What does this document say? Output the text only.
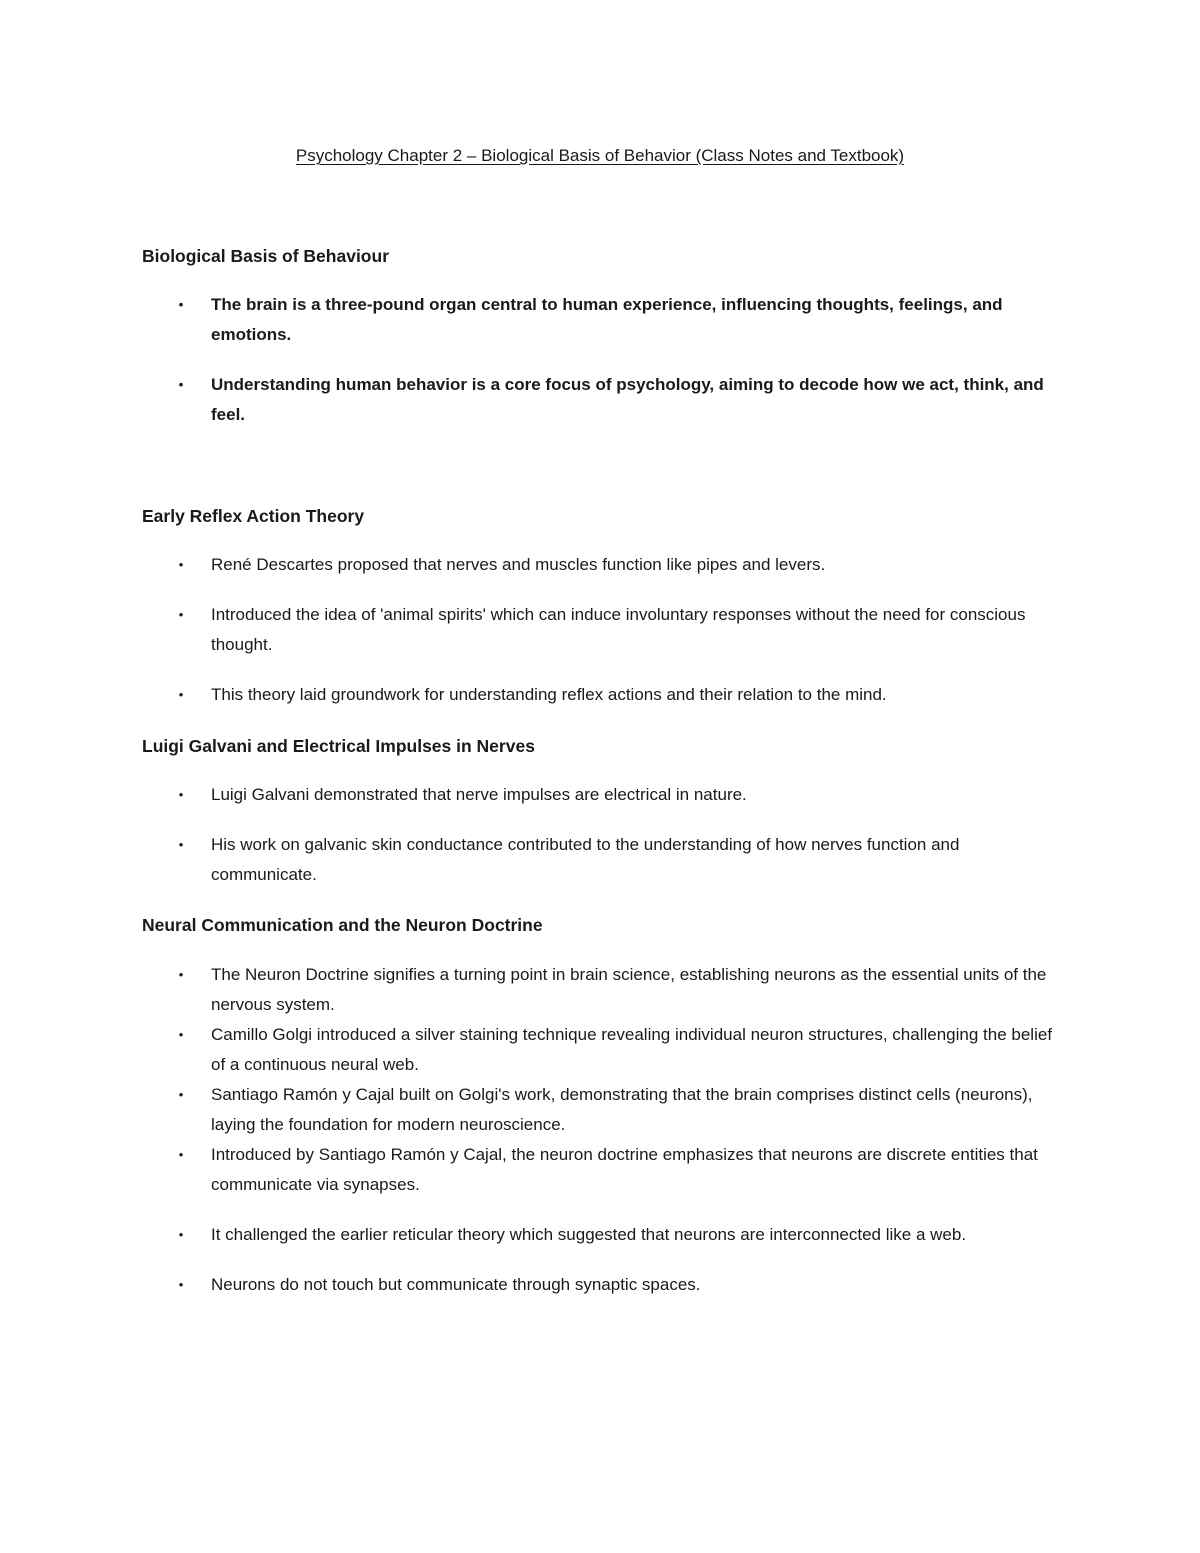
Psychology Chapter 2 – Biological Basis of Behavior (Class Notes and Textbook)

Biological Basis of Behaviour

• The brain is a three-pound organ central to human experience, influencing thoughts, feelings, and emotions.
• Understanding human behavior is a core focus of psychology, aiming to decode how we act, think, and feel.

Early Reflex Action Theory

• René Descartes proposed that nerves and muscles function like pipes and levers.
• Introduced the idea of 'animal spirits' which can induce involuntary responses without the need for conscious thought.
• This theory laid groundwork for understanding reflex actions and their relation to the mind.

Luigi Galvani and Electrical Impulses in Nerves

• Luigi Galvani demonstrated that nerve impulses are electrical in nature.
• His work on galvanic skin conductance contributed to the understanding of how nerves function and communicate.

Neural Communication and the Neuron Doctrine

• The Neuron Doctrine signifies a turning point in brain science, establishing neurons as the essential units of the nervous system.
• Camillo Golgi introduced a silver staining technique revealing individual neuron structures, challenging the belief of a continuous neural web.
• Santiago Ramón y Cajal built on Golgi's work, demonstrating that the brain comprises distinct cells (neurons), laying the foundation for modern neuroscience.
• Introduced by Santiago Ramón y Cajal, the neuron doctrine emphasizes that neurons are discrete entities that communicate via synapses.
• It challenged the earlier reticular theory which suggested that neurons are interconnected like a web.
• Neurons do not touch but communicate through synaptic spaces.
